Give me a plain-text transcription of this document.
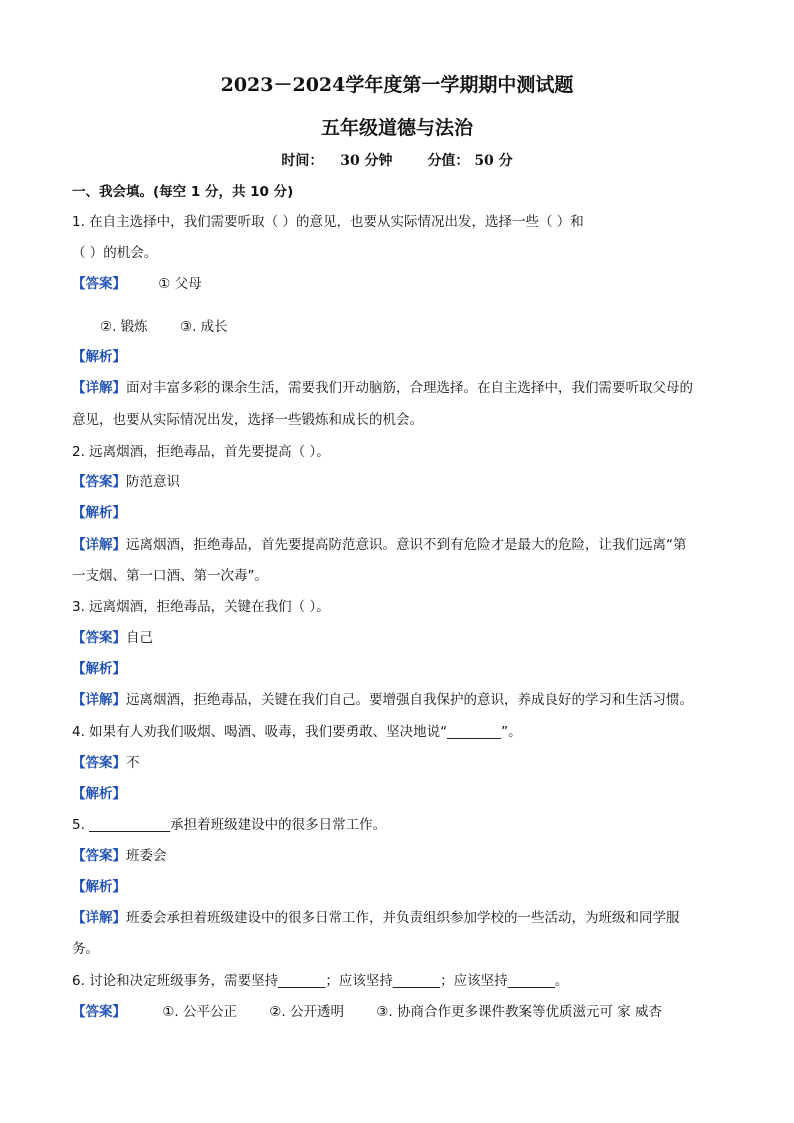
2023－2024学年度第一学期期中测试题
五年级道德与法治
时间： 30 分钟 分值： 50 分
一、我会填。(每空 1 分，共 10 分)
1. 在自主选择中，我们需要听取（ ）的意见，也要从实际情况出发，选择一些（ ）和
（ ）的机会。
【答案】 ① 父母
②. 锻炼 ③. 成长
【解析】
【详解】面对丰富多彩的课余生活，需要我们开动脑筋，合理选择。在自主选择中，我们需要听取父母的
意见，也要从实际情况出发，选择一些锻炼和成长的机会。
2. 远离烟酒，拒绝毒品，首先要提高（ ）。
【答案】防范意识
【解析】
【详解】远离烟酒，拒绝毒品，首先要提高防范意识。意识不到有危险才是最大的危险，让我们远离“第
一支烟、第一口酒、第一次毒”。
3. 远离烟酒，拒绝毒品，关键在我们（ ）。
【答案】自己
【解析】
【详解】远离烟酒，拒绝毒品，关键在我们自己。要增强自我保护的意识，养成良好的学习和生活习惯。
4. 如果有人劝我们吸烟、喝酒、吸毒，我们要勇敢、坚决地说“________”。
【答案】不
【解析】
5. ____________承担着班级建设中的很多日常工作。
【答案】班委会
【解析】
【详解】班委会承担着班级建设中的很多日常工作，并负责组织参加学校的一些活动，为班级和同学服
务。
6. 讨论和决定班级事务，需要坚持_______；应该坚持_______；应该坚持_______。
【答案】	①. 公平公正 ②. 公开透明 ③. 协商合作更多课件教案等优质滋元可 家 威杏
